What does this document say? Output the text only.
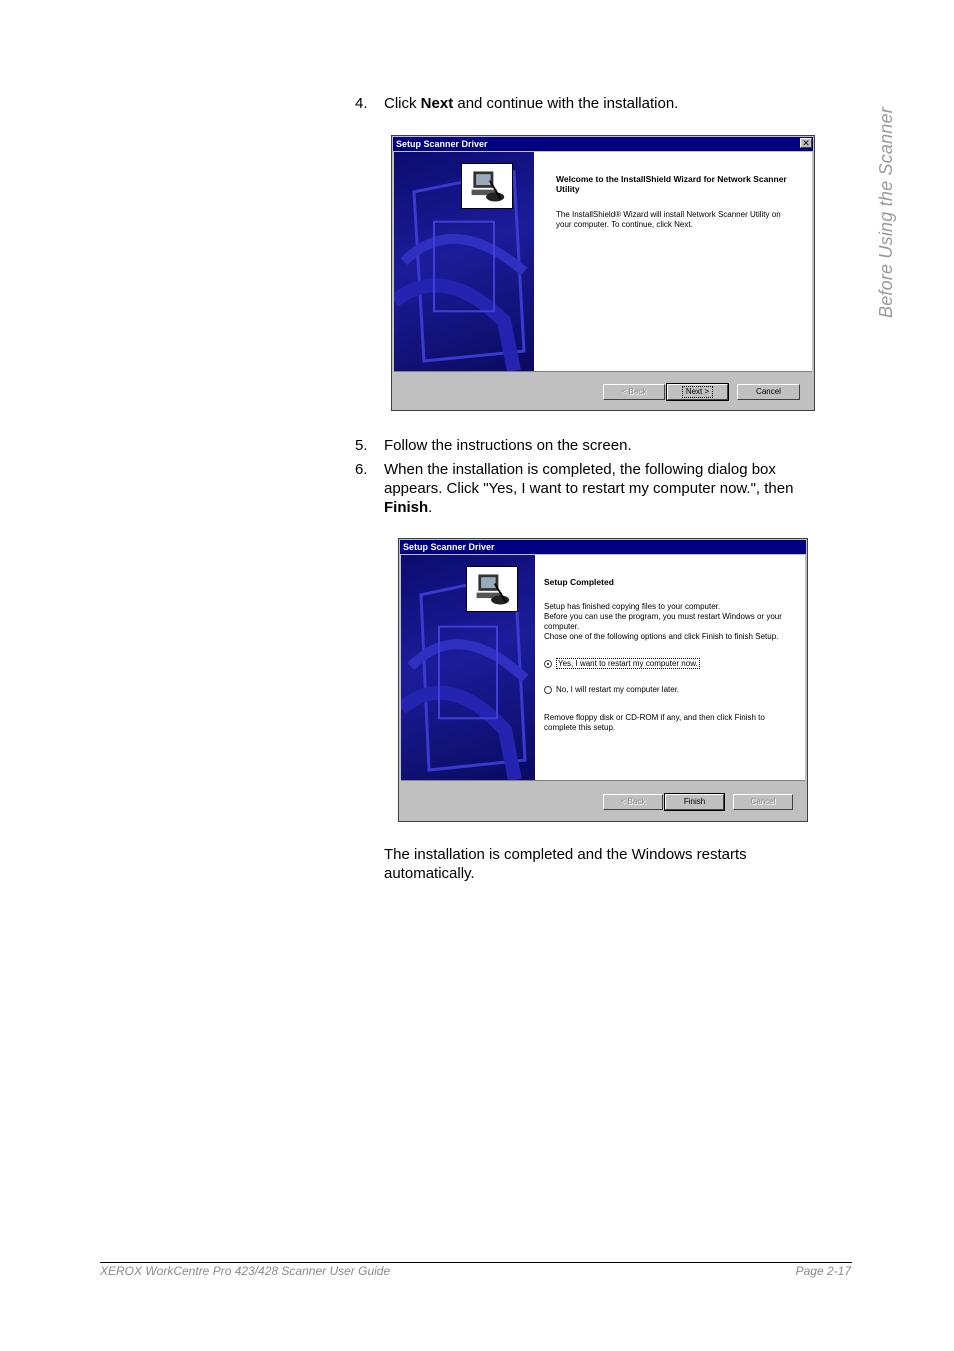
Before Using the Scanner
4.	Click Next and continue with the installation.
Setup Scanner Driver	✕
Welcome to the InstallShield Wizard for Network Scanner Utility
The InstallShield® Wizard will install Network Scanner Utility on your computer. To continue, click Next.
< Back	Next >	Cancel
5.	Follow the instructions on the screen.
6.	When the installation is completed, the following dialog box appears. Click "Yes, I want to restart my computer now.", then Finish.
Setup Scanner Driver
Setup Completed
Setup has finished copying files to your computer.
Before you can use the program, you must restart Windows or your computer.
Chose one of the following options and click Finish to finish Setup.
Yes, I want to restart my computer now.
No, I will restart my computer later.
Remove floppy disk or CD-ROM if any, and then click Finish to complete this setup.
< Back	Finish	Cancel
The installation is completed and the Windows restarts automatically.
XEROX WorkCentre Pro 423/428 Scanner User Guide	Page 2-17
